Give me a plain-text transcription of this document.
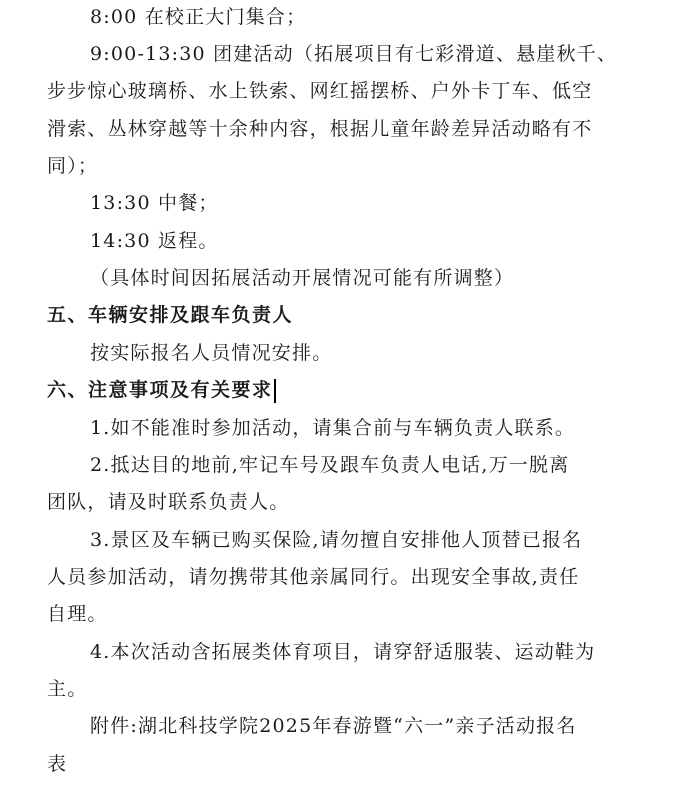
8:00 在校正大门集合；
9:00-13:30 团建活动（拓展项目有七彩滑道、悬崖秋千、
步步惊心玻璃桥、水上铁索、网红摇摆桥、户外卡丁车、低空
滑索、丛林穿越等十余种内容，根据儿童年龄差异活动略有不
同）；
13:30 中餐；
14:30 返程。
（具体时间因拓展活动开展情况可能有所调整）
五、车辆安排及跟车负责人
按实际报名人员情况安排。
六、注意事项及有关要求
1.如不能准时参加活动，请集合前与车辆负责人联系。
2.抵达目的地前,牢记车号及跟车负责人电话,万一脱离
团队，请及时联系负责人。
3.景区及车辆已购买保险,请勿擅自安排他人顶替已报名
人员参加活动，请勿携带其他亲属同行。出现安全事故,责任
自理。
4.本次活动含拓展类体育项目，请穿舒适服装、运动鞋为
主。
附件:湖北科技学院2025年春游暨“六一”亲子活动报名
表
